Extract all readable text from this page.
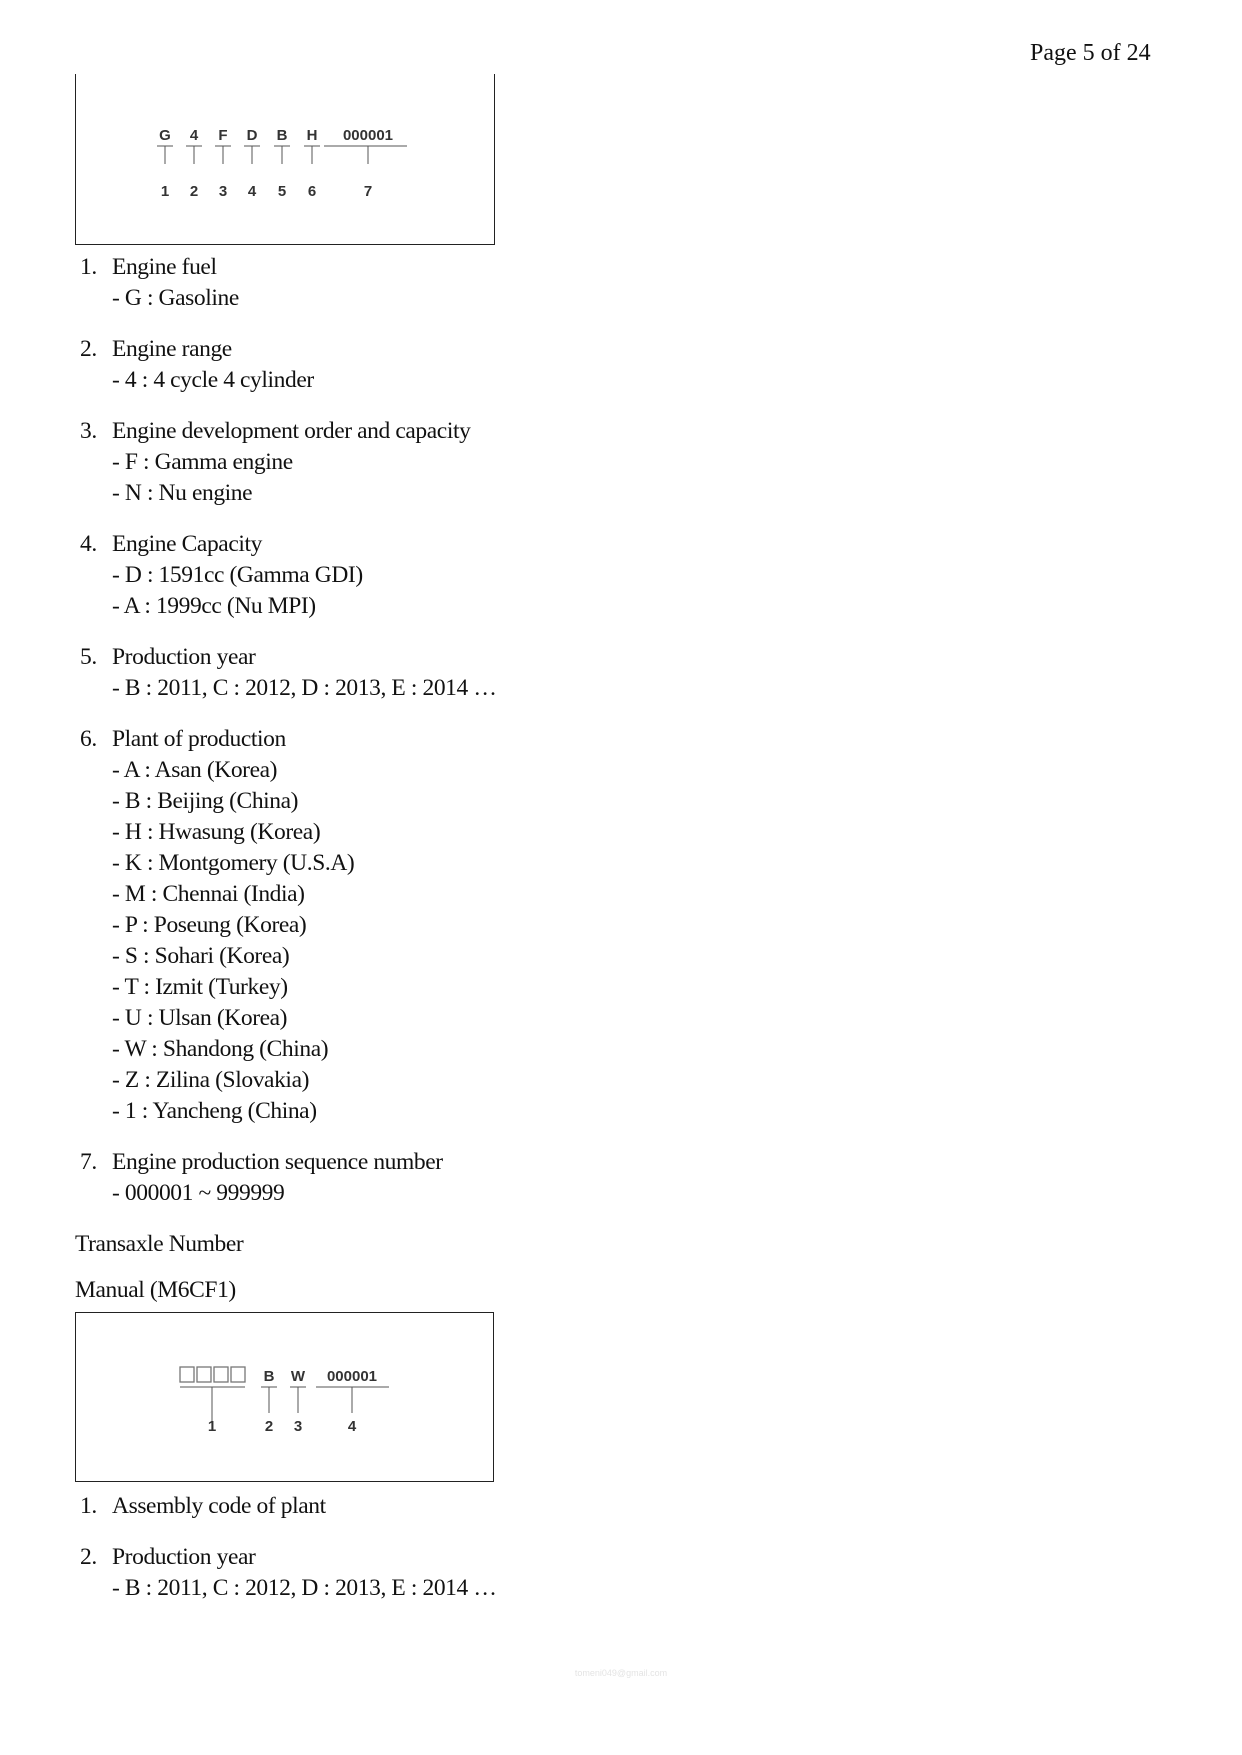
Page 5 of 24
G 4 F D B H 000001
1 2 3 4 5 6	7
1. Engine fuel
- G : Gasoline
2. Engine range
- 4 : 4 cycle 4 cylinder
3. Engine development order and capacity
- F : Gamma engine
- N : Nu engine
4. Engine Capacity
- D : 1591cc (Gamma GDI)
- A : 1999cc (Nu MPI)
5. Production year
- B : 2011, C : 2012, D : 2013, E : 2014 …
6. Plant of production
- A : Asan (Korea)
- B : Beijing (China)
- H : Hwasung (Korea)
- K : Montgomery (U.S.A)
- M : Chennai (India)
- P : Poseung (Korea)
- S : Sohari (Korea)
- T : Izmit (Turkey)
- U : Ulsan (Korea)
- W : Shandong (China)
- Z : Zilina (Slovakia)
- 1 : Yancheng (China)
7. Engine production sequence number
- 000001 ~ 999999
Transaxle Number
Manual (M6CF1)
B W 000001
1	2 3	4
1. Assembly code of plant
2. Production year
- B : 2011, C : 2012, D : 2013, E : 2014 …
tomeni049@gmail.com
